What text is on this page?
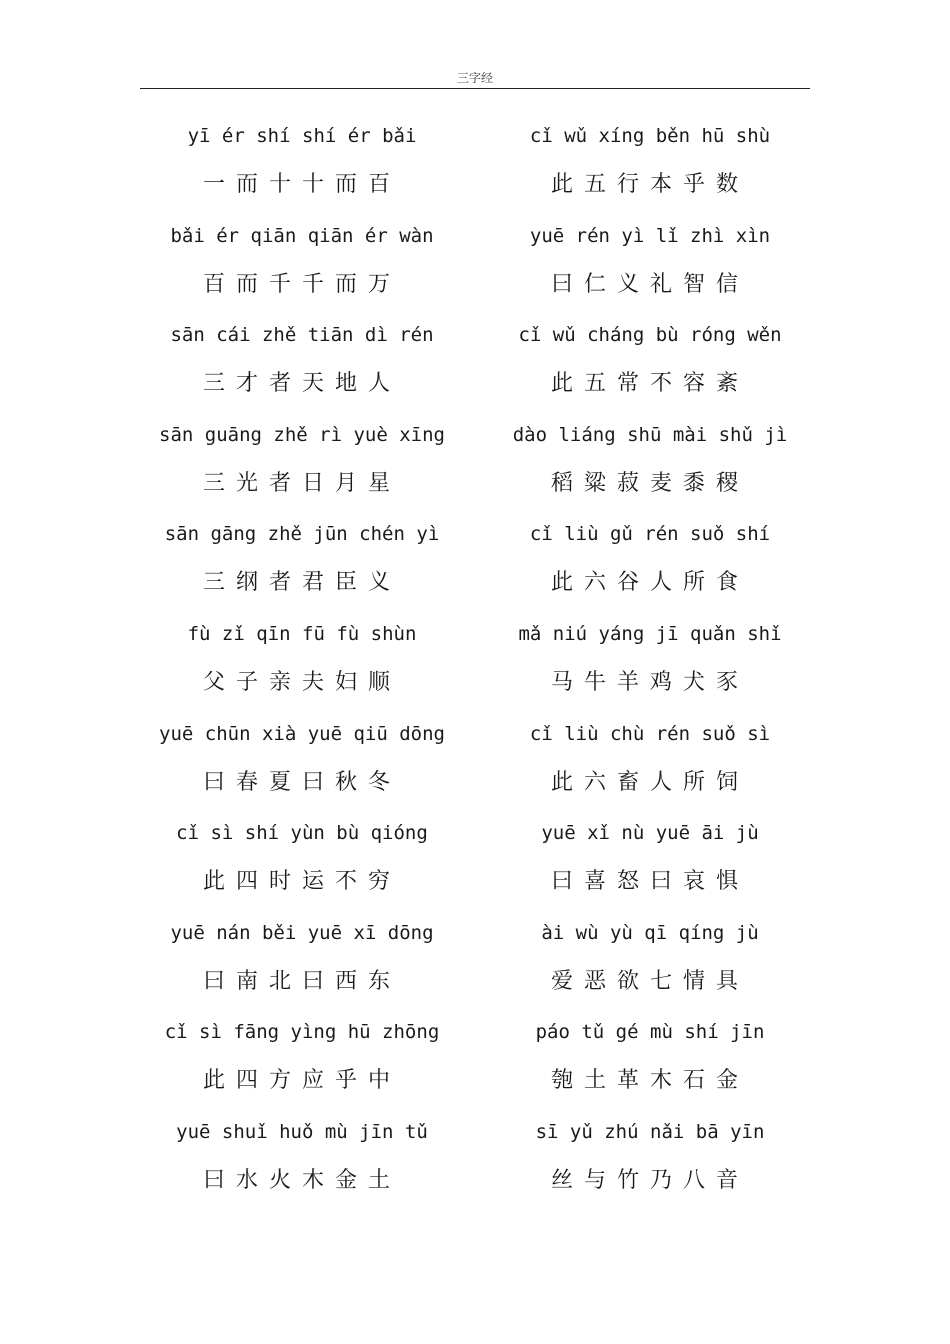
三字经
yī ér shí shí ér bǎi
一而十十而百
bǎi ér qiān qiān ér wàn
百而千千而万
sān cái zhě tiān dì rén
三才者天地人
sān guāng zhě rì yuè xīng
三光者日月星
sān gāng zhě jūn chén yì
三纲者君臣义
fù zǐ qīn fū fù shùn
父子亲夫妇顺
yuē chūn xià yuē qiū dōng
曰春夏曰秋冬
cǐ sì shí yùn bù qióng
此四时运不穷
yuē nán běi yuē xī dōng
曰南北曰西东
cǐ sì fāng yìng hū zhōng
此四方应乎中
yuē shuǐ huǒ mù jīn tǔ
曰水火木金土
cǐ wǔ xíng běn hū shù
此五行本乎数
yuē rén yì lǐ zhì xìn
曰仁义礼智信
cǐ wǔ cháng bù róng wěn
此五常不容紊
dào liáng shū mài shǔ jì
稻粱菽麦黍稷
cǐ liù gǔ rén suǒ shí
此六谷人所食
mǎ niú yáng jī quǎn shǐ
马牛羊鸡犬豕
cǐ liù chù rén suǒ sì
此六畜人所饲
yuē xǐ nù yuē āi jù
曰喜怒曰哀惧
ài wù yù qī qíng jù
爱恶欲七情具
páo tǔ gé mù shí jīn
匏土革木石金
sī yǔ zhú nǎi bā yīn
丝与竹乃八音
